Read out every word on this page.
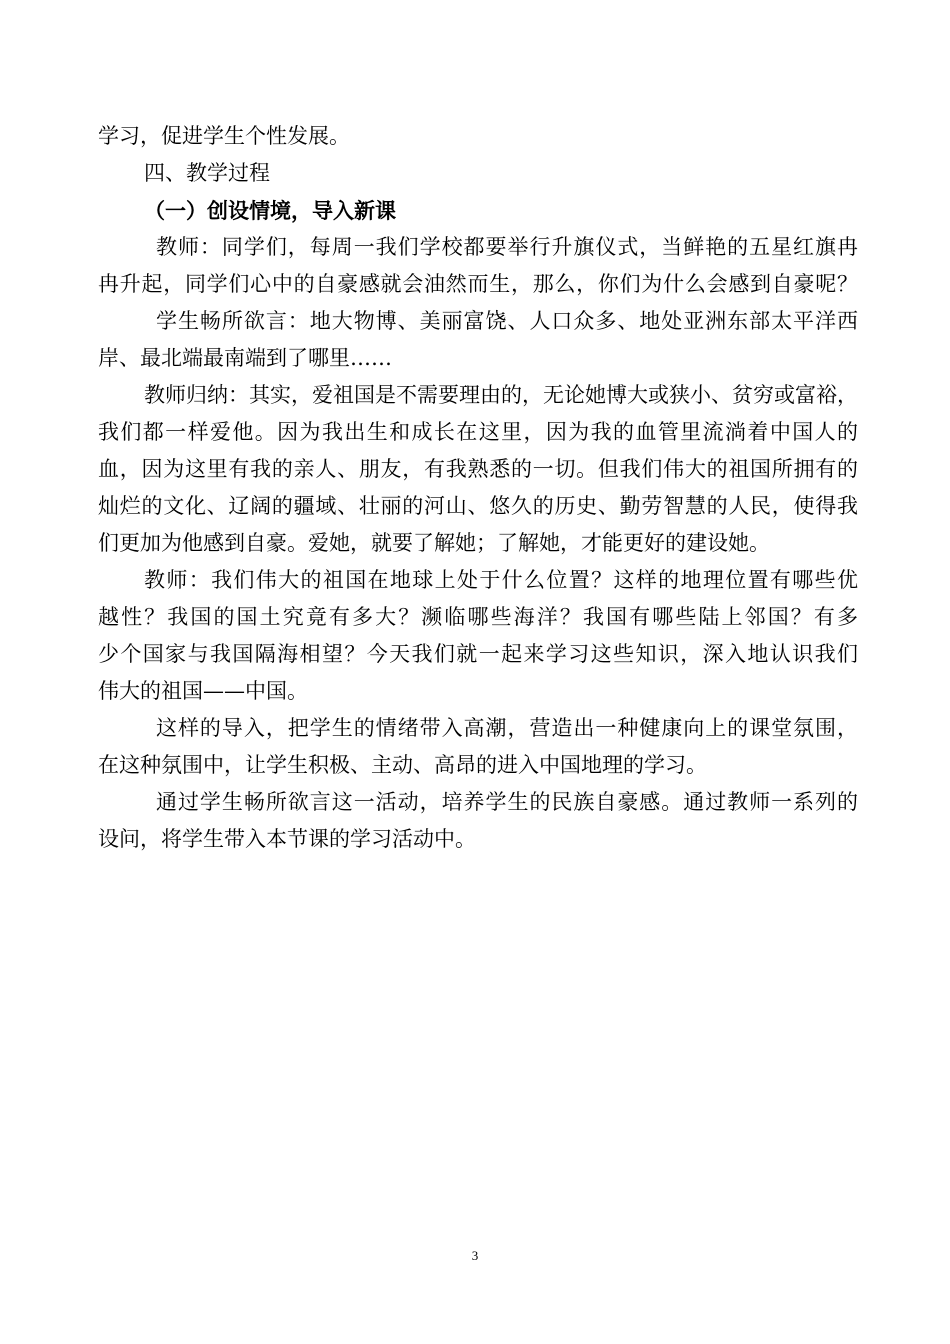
学习，促进学生个性发展。
四、教学过程
（一）创设情境，导入新课
教师：同学们，每周一我们学校都要举行升旗仪式，当鲜艳的五星红旗冉
冉升起，同学们心中的自豪感就会油然而生，那么，你们为什么会感到自豪呢？
学生畅所欲言：地大物博、美丽富饶、人口众多、地处亚洲东部太平洋西
岸、最北端最南端到了哪里……
教师归纳：其实，爱祖国是不需要理由的，无论她博大或狭小、贫穷或富裕，
我们都一样爱他。因为我出生和成长在这里，因为我的血管里流淌着中国人的
血，因为这里有我的亲人、朋友，有我熟悉的一切。但我们伟大的祖国所拥有的
灿烂的文化、辽阔的疆域、壮丽的河山、悠久的历史、勤劳智慧的人民，使得我
们更加为他感到自豪。爱她，就要了解她；了解她，才能更好的建设她。
教师：我们伟大的祖国在地球上处于什么位置？这样的地理位置有哪些优
越性？我国的国土究竟有多大？濒临哪些海洋？我国有哪些陆上邻国？有多
少个国家与我国隔海相望？今天我们就一起来学习这些知识，深入地认识我们
伟大的祖国——中国。
这样的导入，把学生的情绪带入高潮，营造出一种健康向上的课堂氛围，
在这种氛围中，让学生积极、主动、高昂的进入中国地理的学习。
通过学生畅所欲言这一活动，培养学生的民族自豪感。通过教师一系列的
设问，将学生带入本节课的学习活动中。
3
